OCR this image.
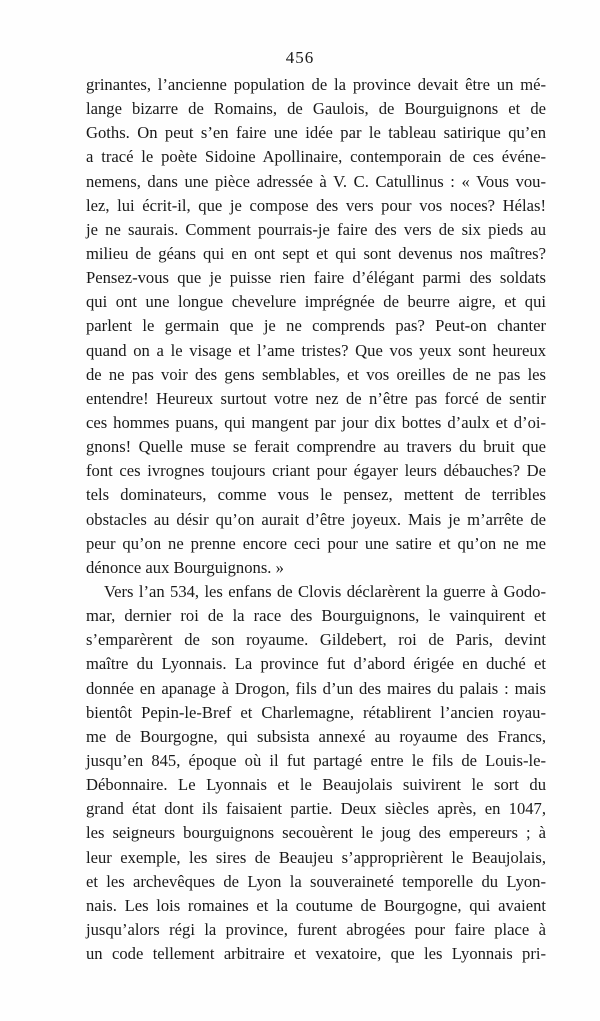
456
grinantes, l’ancienne population de la province devait être un mé-
lange bizarre de Romains, de Gaulois, de Bourguignons et de
Goths. On peut s’en faire une idée par le tableau satirique qu’en
a tracé le poète Sidoine Apollinaire, contemporain de ces événe-
nemens, dans une pièce adressée à V. C. Catullinus : « Vous vou-
lez, lui écrit-il, que je compose des vers pour vos noces? Hélas!
je ne saurais. Comment pourrais-je faire des vers de six pieds au
milieu de géans qui en ont sept et qui sont devenus nos maîtres?
Pensez-vous que je puisse rien faire d’élégant parmi des soldats
qui ont une longue chevelure imprégnée de beurre aigre, et qui
parlent le germain que je ne comprends pas? Peut-on chanter
quand on a le visage et l’ame tristes? Que vos yeux sont heureux
de ne pas voir des gens semblables, et vos oreilles de ne pas les
entendre! Heureux surtout votre nez de n’être pas forcé de sentir
ces hommes puans, qui mangent par jour dix bottes d’aulx et d’oi-
gnons! Quelle muse se ferait comprendre au travers du bruit que
font ces ivrognes toujours criant pour égayer leurs débauches? De
tels dominateurs, comme vous le pensez, mettent de terribles
obstacles au désir qu’on aurait d’être joyeux. Mais je m’arrête de
peur qu’on ne prenne encore ceci pour une satire et qu’on ne me
dénonce aux Bourguignons. »
Vers l’an 534, les enfans de Clovis déclarèrent la guerre à Godo-
mar, dernier roi de la race des Bourguignons, le vainquirent et
s’emparèrent de son royaume. Gildebert, roi de Paris, devint
maître du Lyonnais. La province fut d’abord érigée en duché et
donnée en apanage à Drogon, fils d’un des maires du palais : mais
bientôt Pepin-le-Bref et Charlemagne, rétablirent l’ancien royau-
me de Bourgogne, qui subsista annexé au royaume des Francs,
jusqu’en 845, époque où il fut partagé entre le fils de Louis-le-
Débonnaire. Le Lyonnais et le Beaujolais suivirent le sort du
grand état dont ils faisaient partie. Deux siècles après, en 1047,
les seigneurs bourguignons secouèrent le joug des empereurs ; à
leur exemple, les sires de Beaujeu s’approprièrent le Beaujolais,
et les archevêques de Lyon la souveraineté temporelle du Lyon-
nais. Les lois romaines et la coutume de Bourgogne, qui avaient
jusqu’alors régi la province, furent abrogées pour faire place à
un code tellement arbitraire et vexatoire, que les Lyonnais pri-
